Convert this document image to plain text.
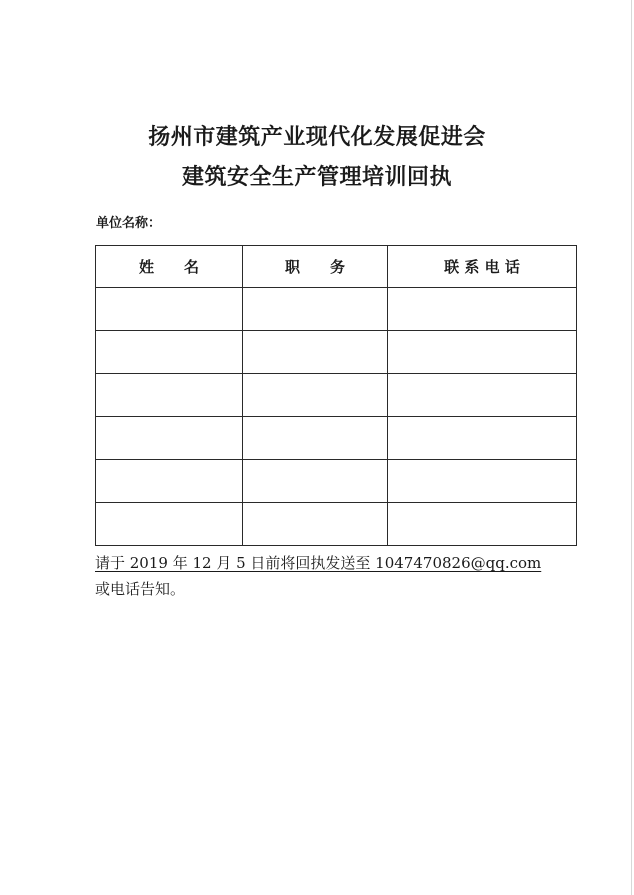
扬州市建筑产业现代化发展促进会
建筑安全生产管理培训回执
单位名称：
姓　　名	职　　务	联 系 电 话

请于 2019 年 12 月 5 日前将回执发送至 1047470826@qq.com
或电话告知。
